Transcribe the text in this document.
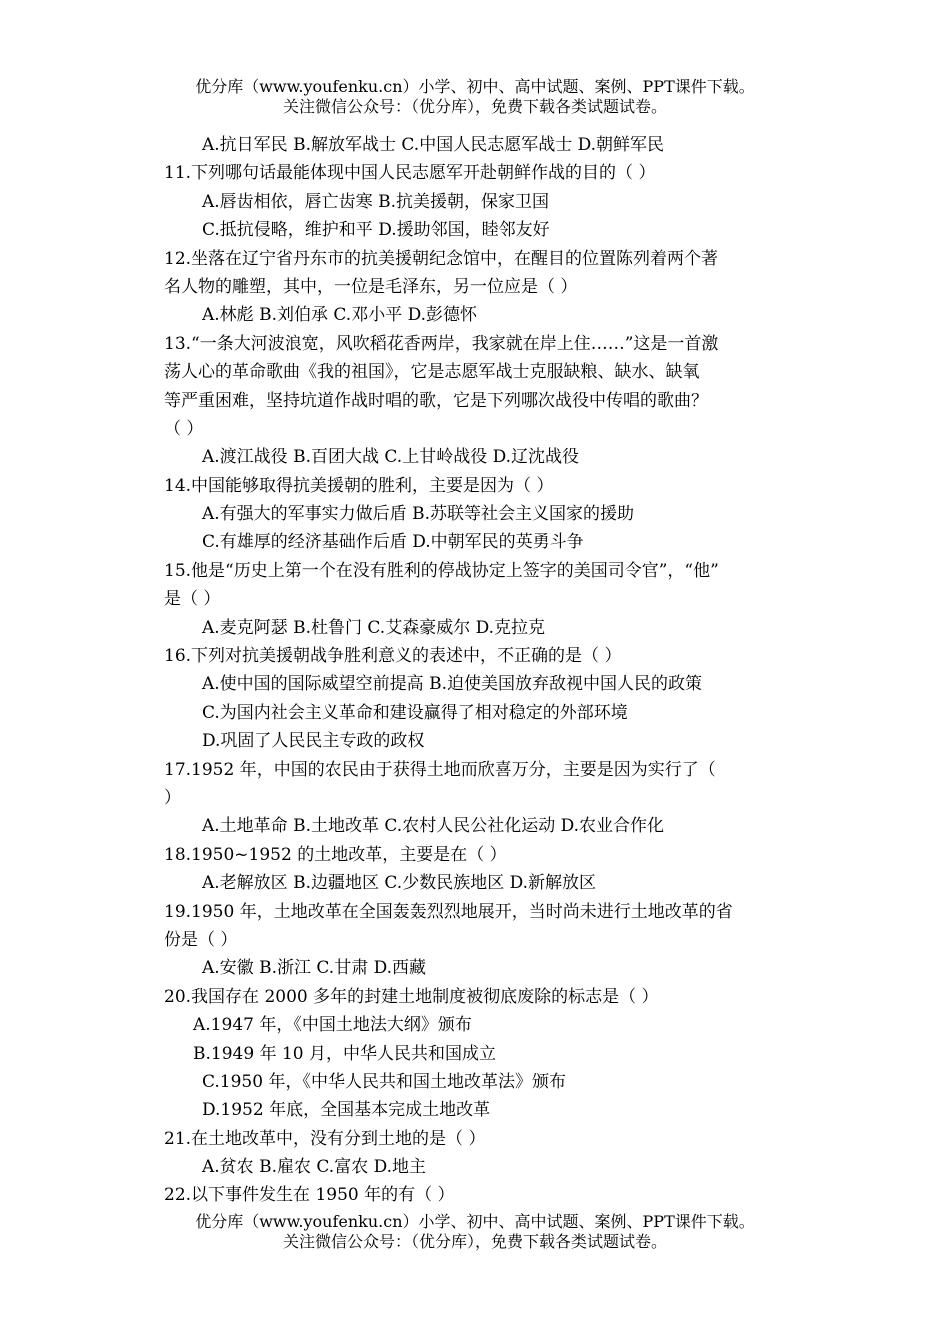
优分库（www.youfenku.cn）小学、初中、高中试题、案例、PPT课件下载。
关注微信公众号：（优分库），免费下载各类试题试卷。
A.抗日军民 B.解放军战士 C.中国人民志愿军战士 D.朝鲜军民
11.下列哪句话最能体现中国人民志愿军开赴朝鲜作战的目的（ ）
A.唇齿相依，唇亡齿寒 B.抗美援朝，保家卫国
C.抵抗侵略，维护和平 D.援助邻国，睦邻友好
12.坐落在辽宁省丹东市的抗美援朝纪念馆中，在醒目的位置陈列着两个著
名人物的雕塑，其中，一位是毛泽东，另一位应是（ ）
A.林彪 B.刘伯承 C.邓小平 D.彭德怀
13.“一条大河波浪宽，风吹稻花香两岸，我家就在岸上住……”这是一首激
荡人心的革命歌曲《我的祖国》，它是志愿军战士克服缺粮、缺水、缺氧
等严重困难，坚持坑道作战时唱的歌，它是下列哪次战役中传唱的歌曲？
（ ）
A.渡江战役 B.百团大战 C.上甘岭战役 D.辽沈战役
14.中国能够取得抗美援朝的胜利，主要是因为（ ）
A.有强大的军事实力做后盾 B.苏联等社会主义国家的援助
C.有雄厚的经济基础作后盾 D.中朝军民的英勇斗争
15.他是“历史上第一个在没有胜利的停战协定上签字的美国司令官”，“他”
是（ ）
A.麦克阿瑟 B.杜鲁门 C.艾森豪威尔 D.克拉克
16.下列对抗美援朝战争胜利意义的表述中，不正确的是（ ）
A.使中国的国际威望空前提高 B.迫使美国放弃敌视中国人民的政策
C.为国内社会主义革命和建设赢得了相对稳定的外部环境
D.巩固了人民民主专政的政权
17.1952 年，中国的农民由于获得土地而欣喜万分，主要是因为实行了（
）
A.土地革命 B.土地改革 C.农村人民公社化运动 D.农业合作化
18.1950~1952 的土地改革，主要是在（ ）
A.老解放区 B.边疆地区 C.少数民族地区 D.新解放区
19.1950 年，土地改革在全国轰轰烈烈地展开，当时尚未进行土地改革的省
份是（ ）
A.安徽 B.浙江 C.甘肃 D.西藏
20.我国存在 2000 多年的封建土地制度被彻底废除的标志是（ ）
A.1947 年，《中国土地法大纲》颁布
B.1949 年 10 月，中华人民共和国成立
C.1950 年，《中华人民共和国土地改革法》颁布
D.1952 年底，全国基本完成土地改革
21.在土地改革中，没有分到土地的是（ ）
A.贫农 B.雇农 C.富农 D.地主
22.以下事件发生在 1950 年的有（ ）
优分库（www.youfenku.cn）小学、初中、高中试题、案例、PPT课件下载。
关注微信公众号：（优分库），免费下载各类试题试卷。
